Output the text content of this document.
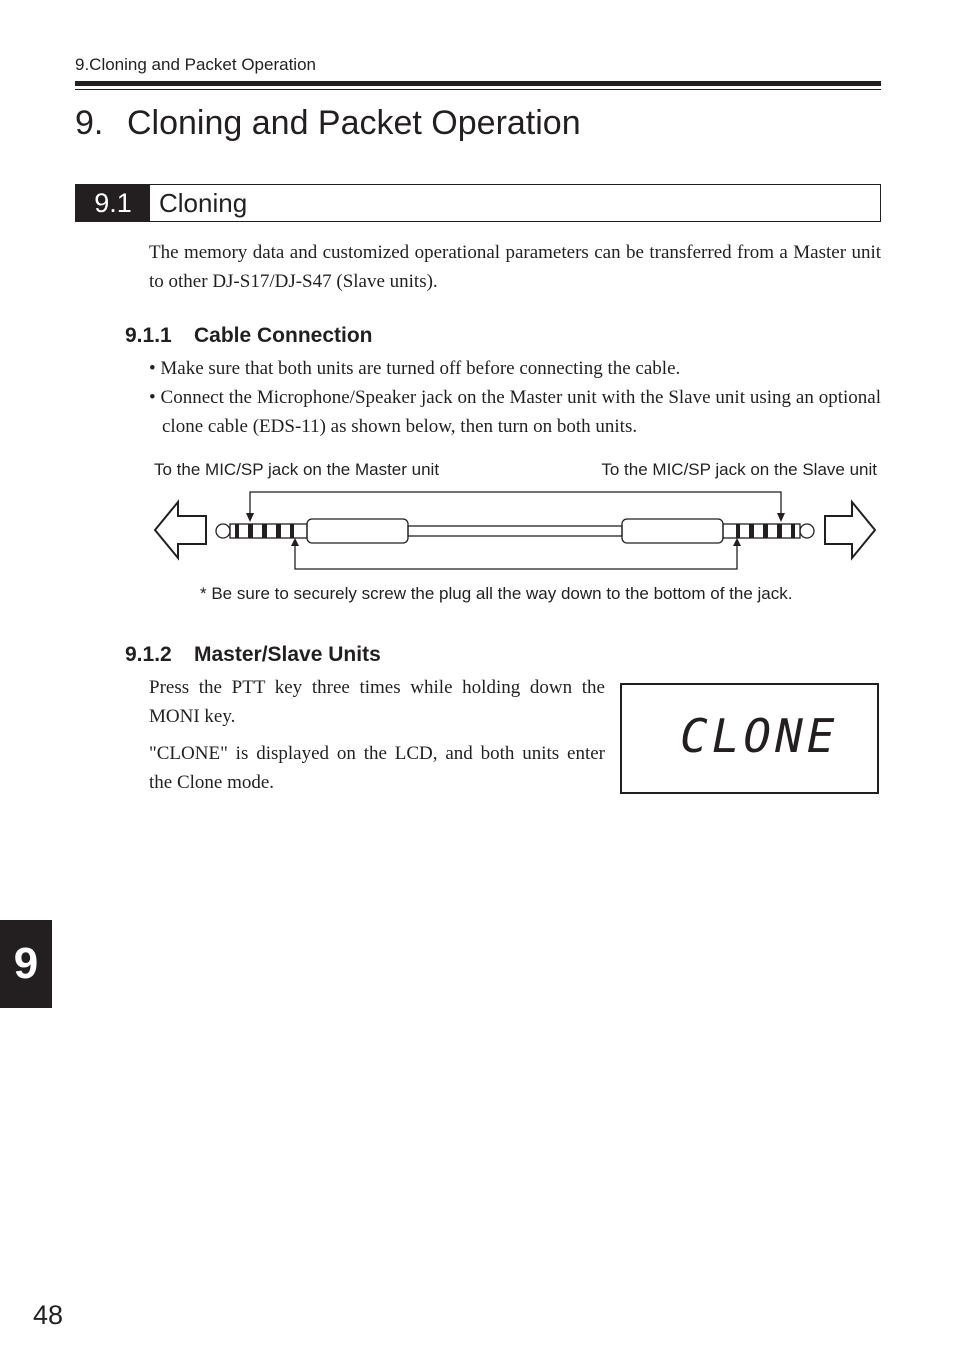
9.Cloning and Packet Operation
9. Cloning and Packet Operation
9.1	Cloning
The memory data and customized operational parameters can be transferred from a Master unit to other DJ-S17/DJ-S47 (Slave units).
9.1.1 Cable Connection
• Make sure that both units are turned off before connecting the cable.
• Connect the Microphone/Speaker jack on the Master unit with the Slave unit using an optional clone cable (EDS-11) as shown below, then turn on both units.
To the MIC/SP jack on the Master unit	To the MIC/SP jack on the Slave unit
* Be sure to securely screw the plug all the way down to the bottom of the jack.
9.1.2 Master/Slave Units
Press the PTT key three times while holding down the MONI key.
"CLONE" is displayed on the LCD, and both units enter the Clone mode.
CLONE
9
48
